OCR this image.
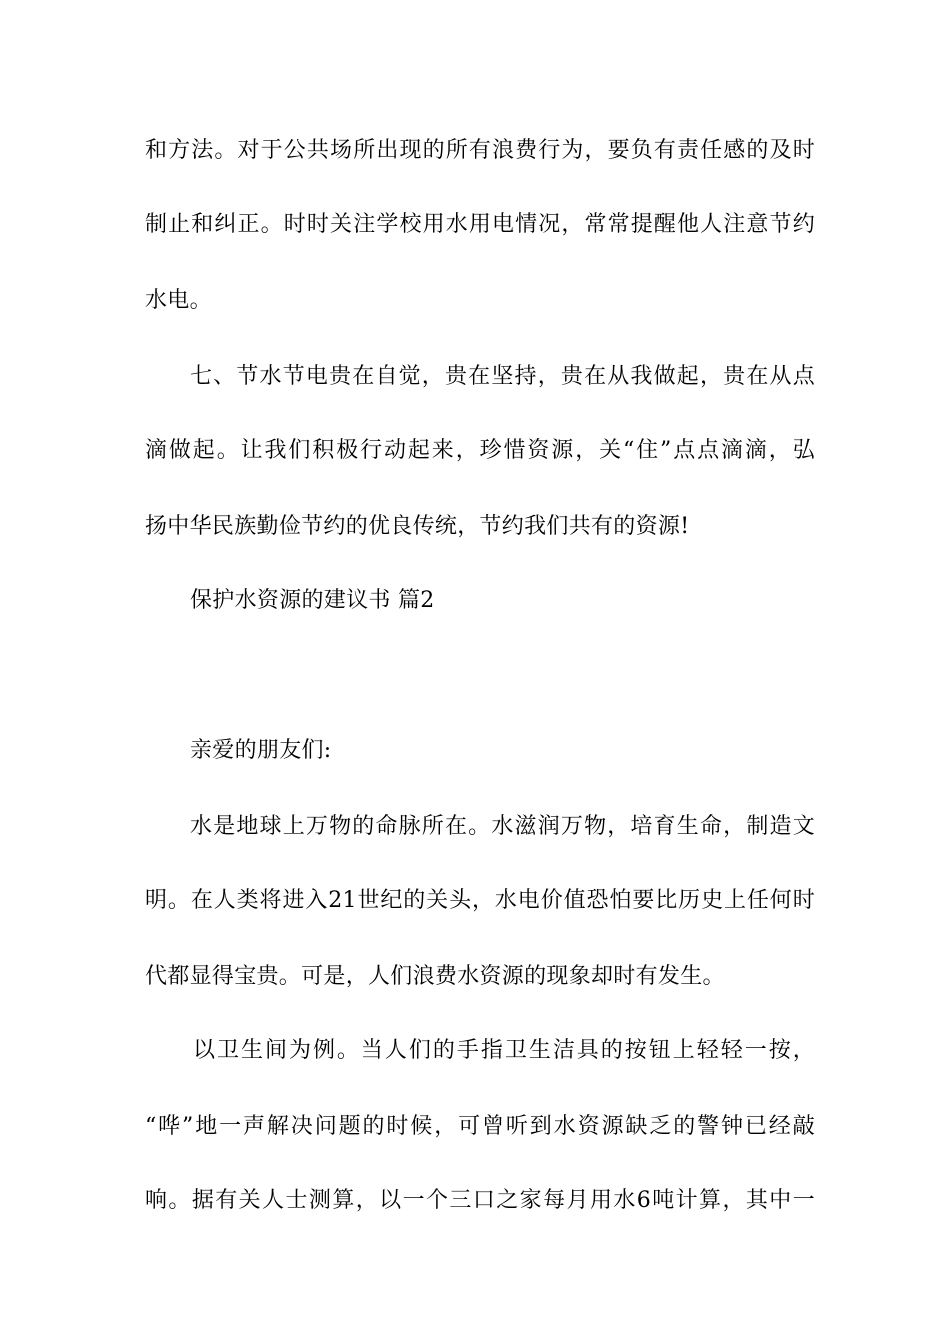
和方法。对于公共场所出现的所有浪费行为，要负有责任感的及时
制止和纠正。时时关注学校用水用电情况，常常提醒他人注意节约
水电。
七、节水节电贵在自觉，贵在坚持，贵在从我做起，贵在从点
滴做起。让我们积极行动起来，珍惜资源，关“住”点点滴滴，弘
扬中华民族勤俭节约的优良传统，节约我们共有的资源!
保护水资源的建议书 篇2
亲爱的朋友们:
水是地球上万物的命脉所在。水滋润万物，培育生命，制造文
明。在人类将进入21世纪的关头，水电价值恐怕要比历史上任何时
代都显得宝贵。可是，人们浪费水资源的现象却时有发生。
以卫生间为例。当人们的手指卫生洁具的按钮上轻轻一按，
“哗”地一声解决问题的时候，可曾听到水资源缺乏的警钟已经敲
响。据有关人士测算，以一个三口之家每月用水6吨计算，其中一
